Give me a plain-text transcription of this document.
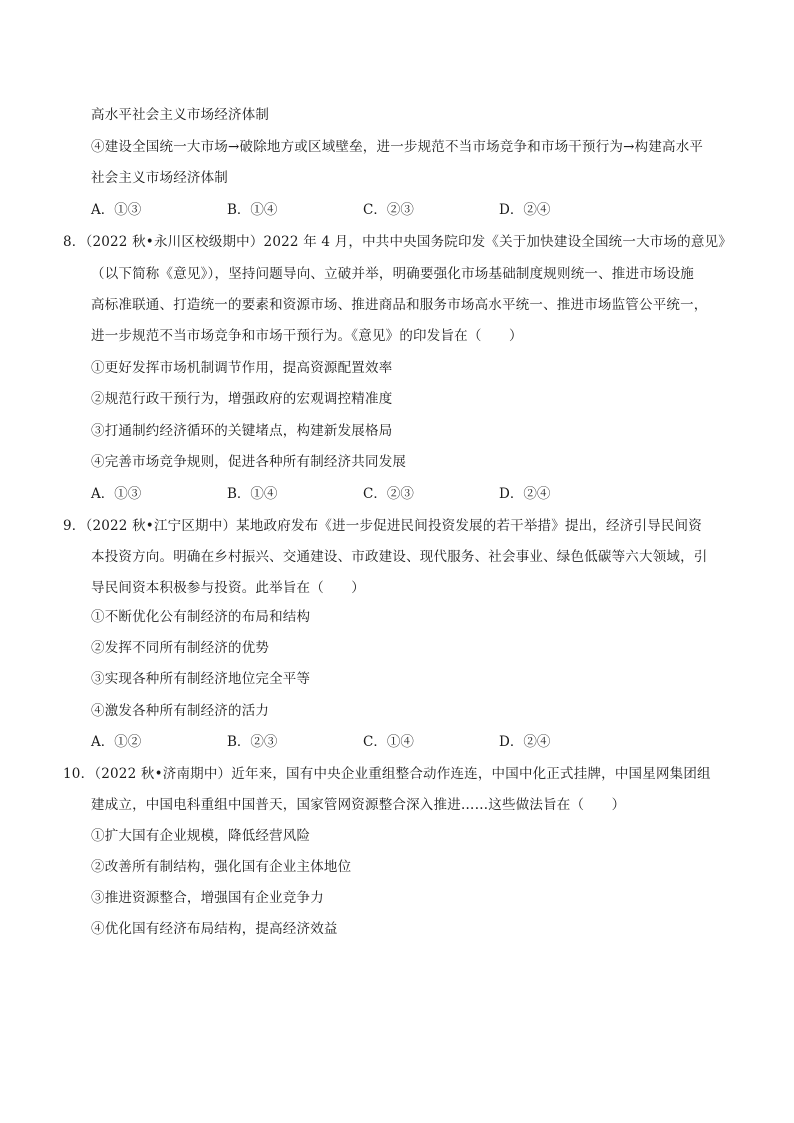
高水平社会主义市场经济体制
④建设全国统一大市场→破除地方或区域壁垒，进一步规范不当市场竞争和市场干预行为→构建高水平
社会主义市场经济体制
A．①③	B．①④	C．②③	D．②④
8．（2022 秋•永川区校级期中）2022 年 4 月，中共中央国务院印发《关于加快建设全国统一大市场的意见》
（以下简称《意见》），坚持问题导向、立破并举，明确要强化市场基础制度规则统一、推进市场设施
高标准联通、打造统一的要素和资源市场、推进商品和服务市场高水平统一、推进市场监管公平统一，
进一步规范不当市场竞争和市场干预行为。《意见》的印发旨在（　　）
①更好发挥市场机制调节作用，提高资源配置效率
②规范行政干预行为，增强政府的宏观调控精准度
③打通制约经济循环的关键堵点，构建新发展格局
④完善市场竞争规则，促进各种所有制经济共同发展
A．①③	B．①④	C．②③	D．②④
9．（2022 秋•江宁区期中）某地政府发布《进一步促进民间投资发展的若干举措》提出，经济引导民间资
本投资方向。明确在乡村振兴、交通建设、市政建设、现代服务、社会事业、绿色低碳等六大领域，引
导民间资本积极参与投资。此举旨在（　　）
①不断优化公有制经济的布局和结构
②发挥不同所有制经济的优势
③实现各种所有制经济地位完全平等
④激发各种所有制经济的活力
A．①②	B．②③	C．①④	D．②④
10．（2022 秋•济南期中）近年来，国有中央企业重组整合动作连连，中国中化正式挂牌，中国星网集团组
建成立，中国电科重组中国普天，国家管网资源整合深入推进……这些做法旨在（　　）
①扩大国有企业规模，降低经营风险
②改善所有制结构，强化国有企业主体地位
③推进资源整合，增强国有企业竞争力
④优化国有经济布局结构，提高经济效益
